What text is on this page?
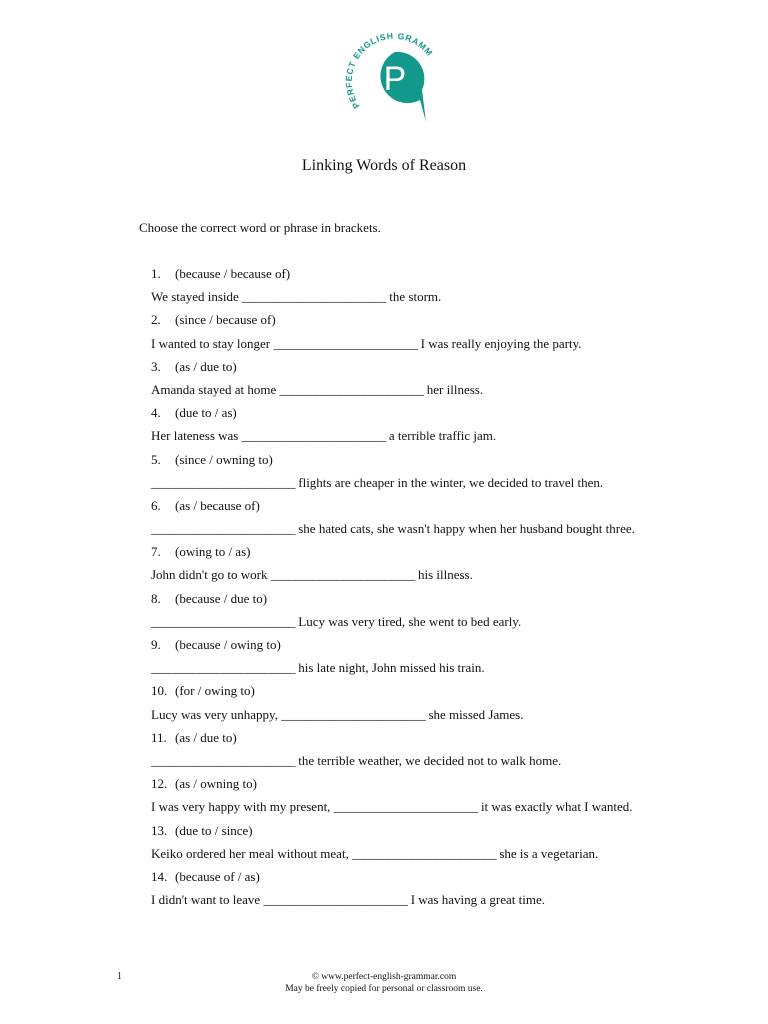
PERFECT ENGLISH GRAMM
P
Linking Words of Reason
Choose the correct word or phrase in brackets.
1. (because / because of)
We stayed inside ________________________ the storm.
2. (since / because of)
I wanted to stay longer ________________________ I was really enjoying the party.
3. (as / due to)
Amanda stayed at home ________________________ her illness.
4. (due to / as)
Her lateness was ________________________ a terrible traffic jam.
5. (since / owning to)
________________________ flights are cheaper in the winter, we decided to travel then.
6. (as / because of)
________________________ she hated cats, she wasn't happy when her husband bought three.
7. (owing to / as)
John didn't go to work ________________________ his illness.
8. (because / due to)
________________________ Lucy was very tired, she went to bed early.
9. (because / owing to)
________________________ his late night, John missed his train.
10. (for / owing to)
Lucy was very unhappy, ________________________ she missed James.
11. (as / due to)
________________________ the terrible weather, we decided not to walk home.
12. (as / owning to)
I was very happy with my present, ________________________ it was exactly what I wanted.
13. (due to / since)
Keiko ordered her meal without meat, ________________________ she is a vegetarian.
14. (because of / as)
I didn't want to leave ________________________ I was having a great time.
1	© www.perfect-english-grammar.com
May be freely copied for personal or classroom use.
